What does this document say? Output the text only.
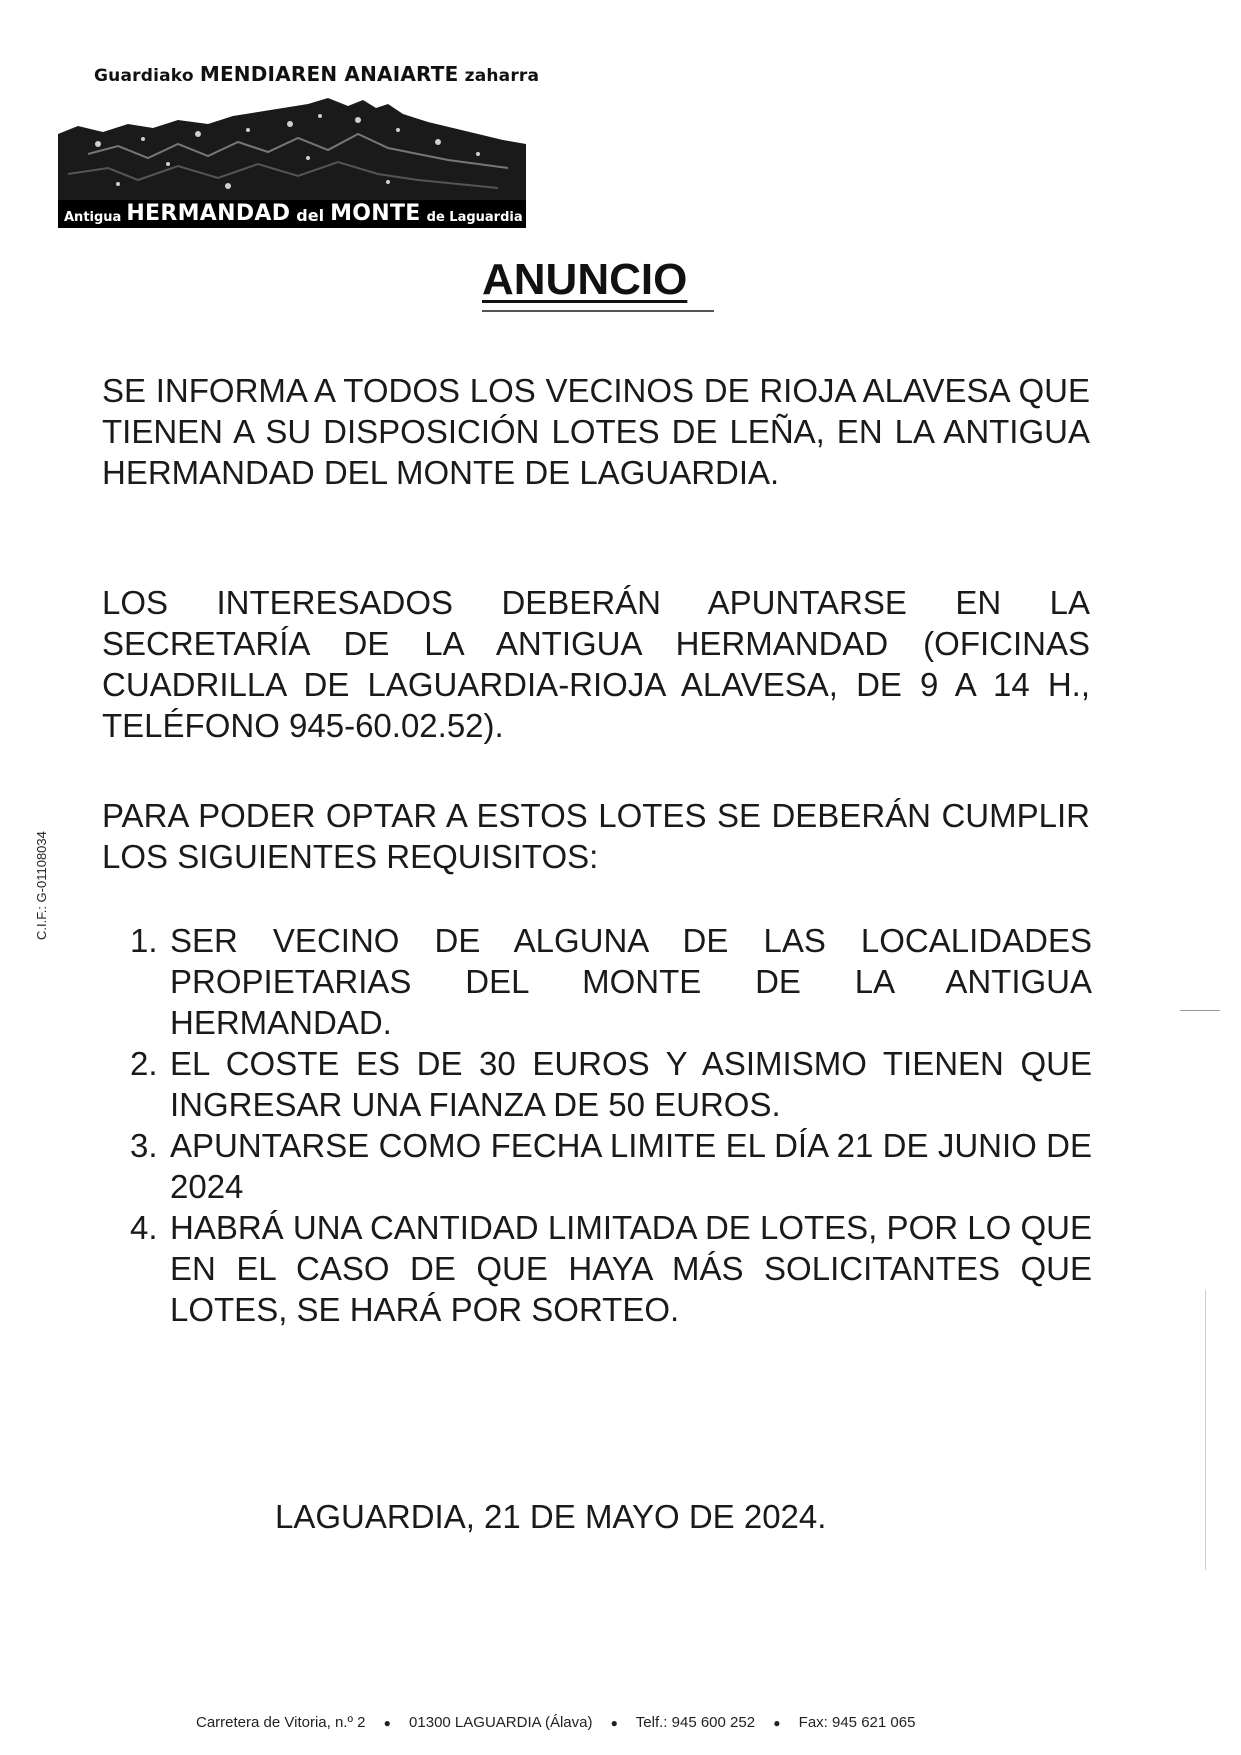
Guardiako MENDIAREN ANAIARTE zaharra
Antigua HERMANDAD del MONTE de Laguardia
ANUNCIO

SE INFORMA A TODOS LOS VECINOS DE RIOJA ALAVESA QUE TIENEN A SU DISPOSICIÓN LOTES DE LEÑA, EN LA ANTIGUA HERMANDAD DEL MONTE DE LAGUARDIA.

LOS INTERESADOS DEBERÁN APUNTARSE EN LA SECRETARÍA DE LA ANTIGUA HERMANDAD (OFICINAS CUADRILLA DE LAGUARDIA-RIOJA ALAVESA, DE 9 A 14 H., TELÉFONO 945-60.02.52).

PARA PODER OPTAR A ESTOS LOTES SE DEBERÁN CUMPLIR LOS SIGUIENTES REQUISITOS:

1. SER VECINO DE ALGUNA DE LAS LOCALIDADES PROPIETARIAS DEL MONTE DE LA ANTIGUA HERMANDAD.
2. EL COSTE ES DE 30 EUROS Y ASIMISMO TIENEN QUE INGRESAR UNA FIANZA DE 50 EUROS.
3. APUNTARSE COMO FECHA LIMITE EL DÍA 21 DE JUNIO DE 2024
4. HABRÁ UNA CANTIDAD LIMITADA DE LOTES, POR LO QUE EN EL CASO DE QUE HAYA MÁS SOLICITANTES QUE LOTES, SE HARÁ POR SORTEO.
LAGUARDIA, 21 DE MAYO DE 2024.
C.I.F.: G-01108034
Carretera de Vitoria, n.º 2 ● 01300 LAGUARDIA (Álava) ● Telf.: 945 600 252 ● Fax: 945 621 065
